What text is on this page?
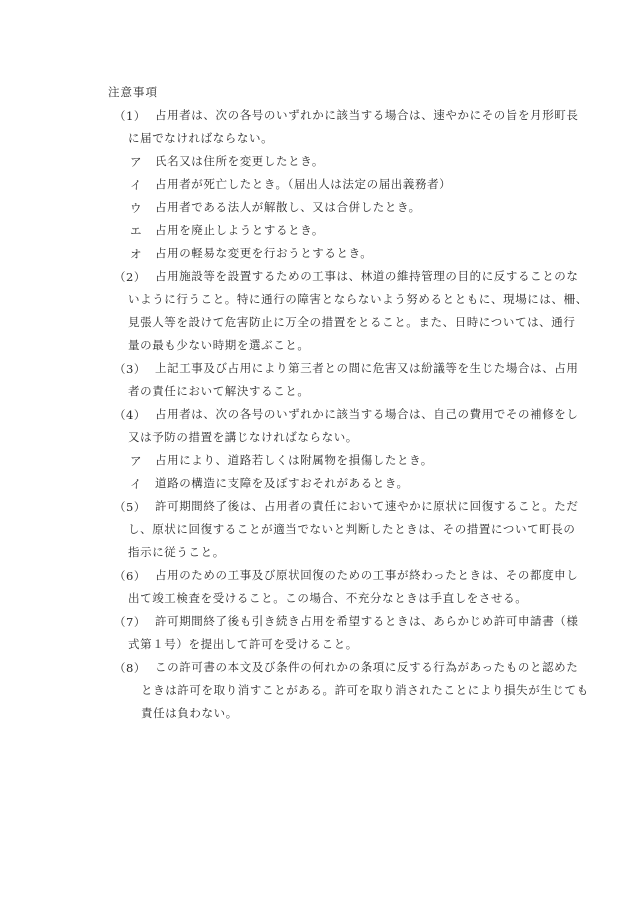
注意事項
（1） 占用者は、次の各号のいずれかに該当する場合は、速やかにその旨を月形町長
に届でなければならない。
ア 氏名又は住所を変更したとき。
イ 占用者が死亡したとき。（届出人は法定の届出義務者）
ウ 占用者である法人が解散し、又は合併したとき。
エ 占用を廃止しようとするとき。
オ 占用の軽易な変更を行おうとするとき。
（2） 占用施設等を設置するための工事は、林道の維持管理の目的に反することのな
いように行うこと。特に通行の障害とならないよう努めるとともに、現場には、柵、
見張人等を設けて危害防止に万全の措置をとること。また、日時については、通行
量の最も少ない時期を選ぶこと。
（3） 上記工事及び占用により第三者との間に危害又は紛議等を生じた場合は、占用
者の責任において解決すること。
（4） 占用者は、次の各号のいずれかに該当する場合は、自己の費用でその補修をし
又は予防の措置を講じなければならない。
ア 占用により、道路若しくは附属物を損傷したとき。
イ 道路の構造に支障を及ぼすおそれがあるとき。
（5） 許可期間終了後は、占用者の責任において速やかに原状に回復すること。ただ
し、原状に回復することが適当でないと判断したときは、その措置について町長の
指示に従うこと。
（6） 占用のための工事及び原状回復のための工事が終わったときは、その都度申し
出て竣工検査を受けること。この場合、不充分なときは手直しをさせる。
（7） 許可期間終了後も引き続き占用を希望するときは、あらかじめ許可申請書（様
式第１号）を提出して許可を受けること。
（8） この許可書の本文及び条件の何れかの条項に反する行為があったものと認めた
ときは許可を取り消すことがある。許可を取り消されたことにより損失が生じても
責任は負わない。
